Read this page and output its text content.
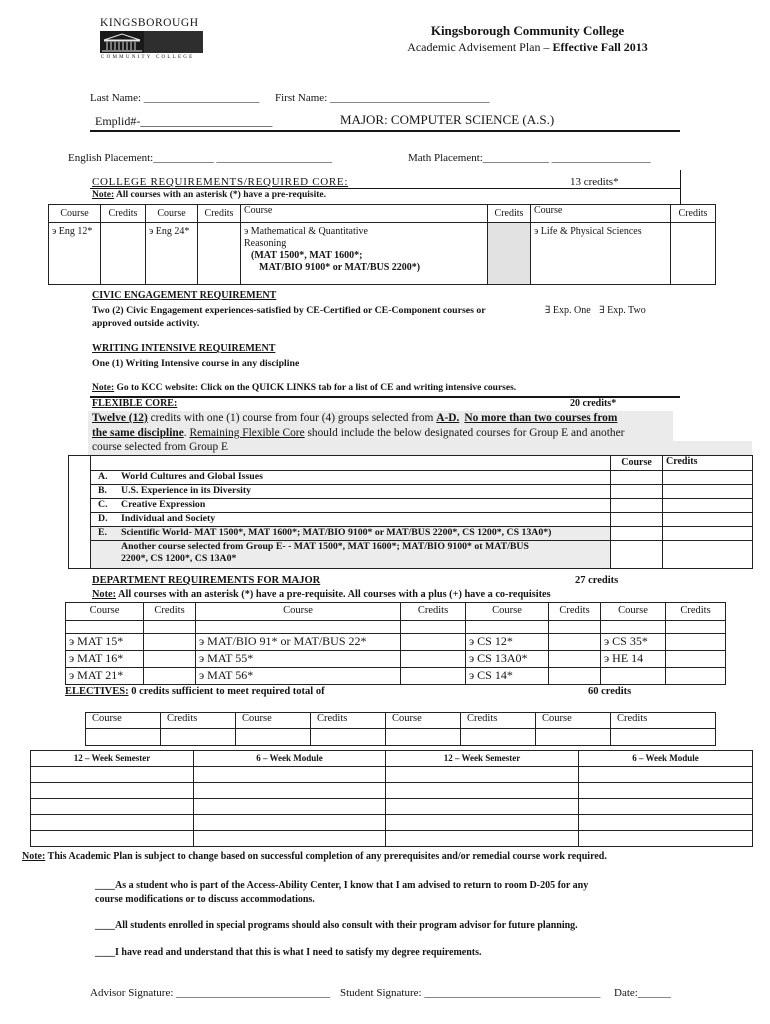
KINGSBOROUGH
COMMUNITY COLLEGE
Kingsborough Community College
Academic Advisement Plan – Effective Fall 2013
Last Name: _____________________ First Name: _____________________________
Emplid#-______________________	MAJOR: COMPUTER SCIENCE (A.S.)
English Placement:___________ _____________________	Math Placement:____________ __________________
COLLEGE REQUIREMENTS/REQUIRED CORE:	13 credits*
Note: All courses with an asterisk (*) have a pre-requisite.
Course	Credits	Course	Credits	Course	Credits	Course	Credits
э Eng 12*		э Eng 24*		э Mathematical & Quantitative
Reasoning
(MAT 1500*, MAT 1600*;
MAT/BIO 9100* or MAT/BUS 2200*)		э Life & Physical Sciences	
CIVIC ENGAGEMENT REQUIREMENT
Two (2) Civic Engagement experiences-satisfied by CE-Certified or CE-Component courses or
approved outside activity.
∃ Exp. One ∃ Exp. Two
WRITING INTENSIVE REQUIREMENT
One (1) Writing Intensive course in any discipline
Note: Go to KCC website: Click on the QUICK LINKS tab for a list of CE and writing intensive courses.
FLEXIBLE CORE:	20 credits*
Twelve (12) credits with one (1) course from four (4) groups selected from A-D. No more than two courses from
the same discipline. Remaining Flexible Core should include the below designated courses for Group E and another
course selected from Group E
		Course	Credits
	A. World Cultures and Global Issues		
	B. U.S. Experience in its Diversity		
	C. Creative Expression		
	D. Individual and Society		
	E. Scientific World- MAT 1500*, MAT 1600*; MAT/BIO 9100* or MAT/BUS 2200*, CS 1200*, CS 13A0*)		

	Another course selected from Group E- - MAT 1500*, MAT 1600*; MAT/BIO 9100* ot MAT/BUS
2200*, CS 1200*, CS 13A0*		

DEPARTMENT REQUIREMENTS FOR MAJOR	27 credits
Note: All courses with an asterisk (*) have a pre-requisite. All courses with a plus (+) have a co-requisites
Course	Credits	Course	Credits	Course	Credits	Course	Credits

э MAT 15*		э MAT/BIO 91* or MAT/BUS 22*		э CS 12*		э CS 35*	
э MAT 16*		э MAT 55*		э CS 13A0*		э HE 14	
э MAT 21*		э MAT 56*		э CS 14*			
ELECTIVES: 0 credits sufficient to meet required total of	60 credits
Course	Credits	Course	Credits	Course	Credits	Course	Credits

12 – Week Semester	6 – Week Module	12 – Week Semester	6 – Week Module

Note: This Academic Plan is subject to change based on successful completion of any prerequisites and/or remedial course work required.
____As a student who is part of the Access-Ability Center, I know that I am advised to return to room D-205 for any
course modifications or to discuss accommodations.
____All students enrolled in special programs should also consult with their program advisor for future planning.
____I have read and understand that this is what I need to satisfy my degree requirements.
Advisor Signature: ____________________________ Student Signature: ________________________________ Date:______
